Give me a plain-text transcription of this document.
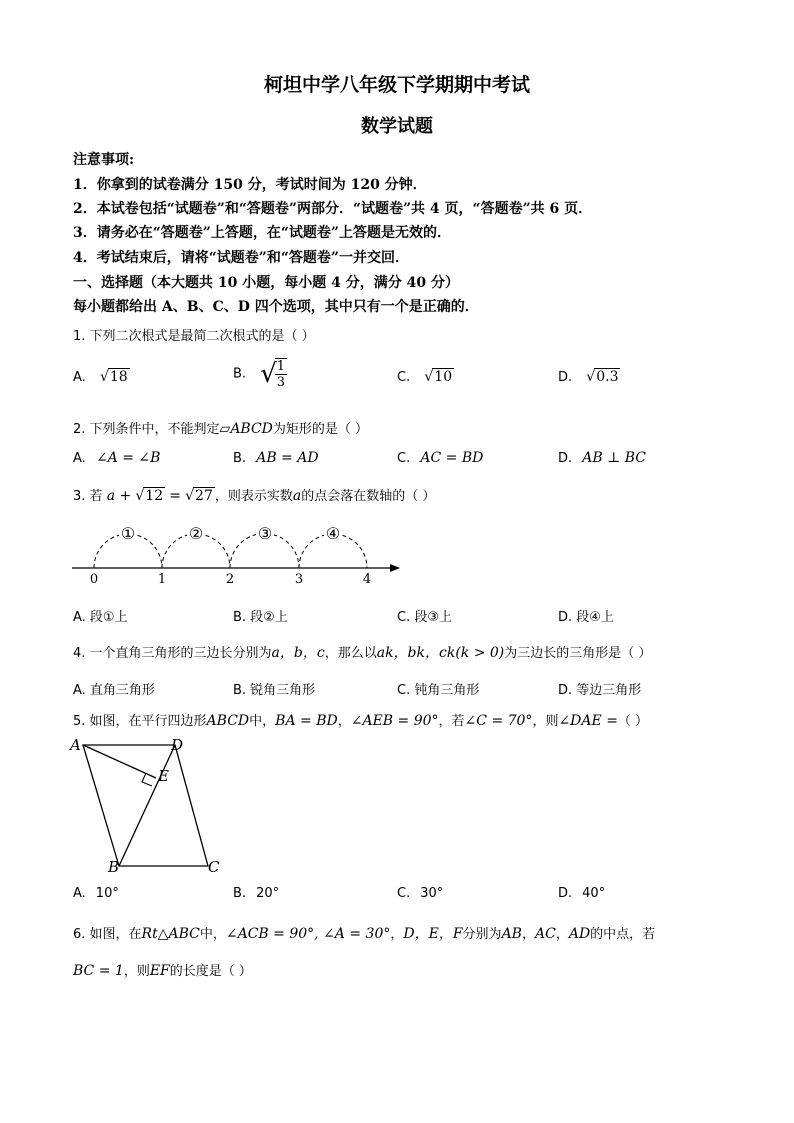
柯坦中学八年级下学期期中考试
数学试题
注意事项:
1．你拿到的试卷满分 150 分，考试时间为 120 分钟．
2．本试卷包括“试题卷”和“答题卷”两部分．“试题卷”共 4 页，“答题卷”共 6 页．
3．请务必在“答题卷”上答题，在“试题卷”上答题是无效的．
4．考试结束后，请将“试题卷”和“答题卷”一并交回．
一、选择题（本大题共 10 小题，每小题 4 分，满分 40 分）
每小题都给出 A、B、C、D 四个选项，其中只有一个是正确的．
1. 下列二次根式是最简二次根式的是（ ）
A. √18	B. √
$\frac{1}{3}$	C. √10	D. √0.3
2. 下列条件中，不能判定▱ABCD为矩形的是（ ）
A. ∠A = ∠B	B. AB = AD	C. AC = BD	D. AB ⊥ BC
3. 若 a + √12 = √27 ，则表示实数a的点会落在数轴的（ ）
①	②	③	④
0	1	2	3	4
A. 段①上	B. 段②上	C. 段③上	D. 段④上
4. 一个直角三角形的三边长分别为a，b，c，那么以ak，bk，ck(k > 0)为三边长的三角形是（ ）
A. 直角三角形	B. 锐角三角形	C. 钝角三角形	D. 等边三角形
5. 如图，在平行四边形ABCD中，BA = BD，∠AEB = 90°，若∠C = 70°，则∠DAE =（ ）
A	D
E
B	C
A. 10°	B. 20°	C. 30°	D. 40°
6. 如图，在Rt△ABC中，∠ACB = 90°, ∠A = 30°，D，E，F分别为AB，AC，AD的中点，若
BC = 1，则EF的长度是（ ）
